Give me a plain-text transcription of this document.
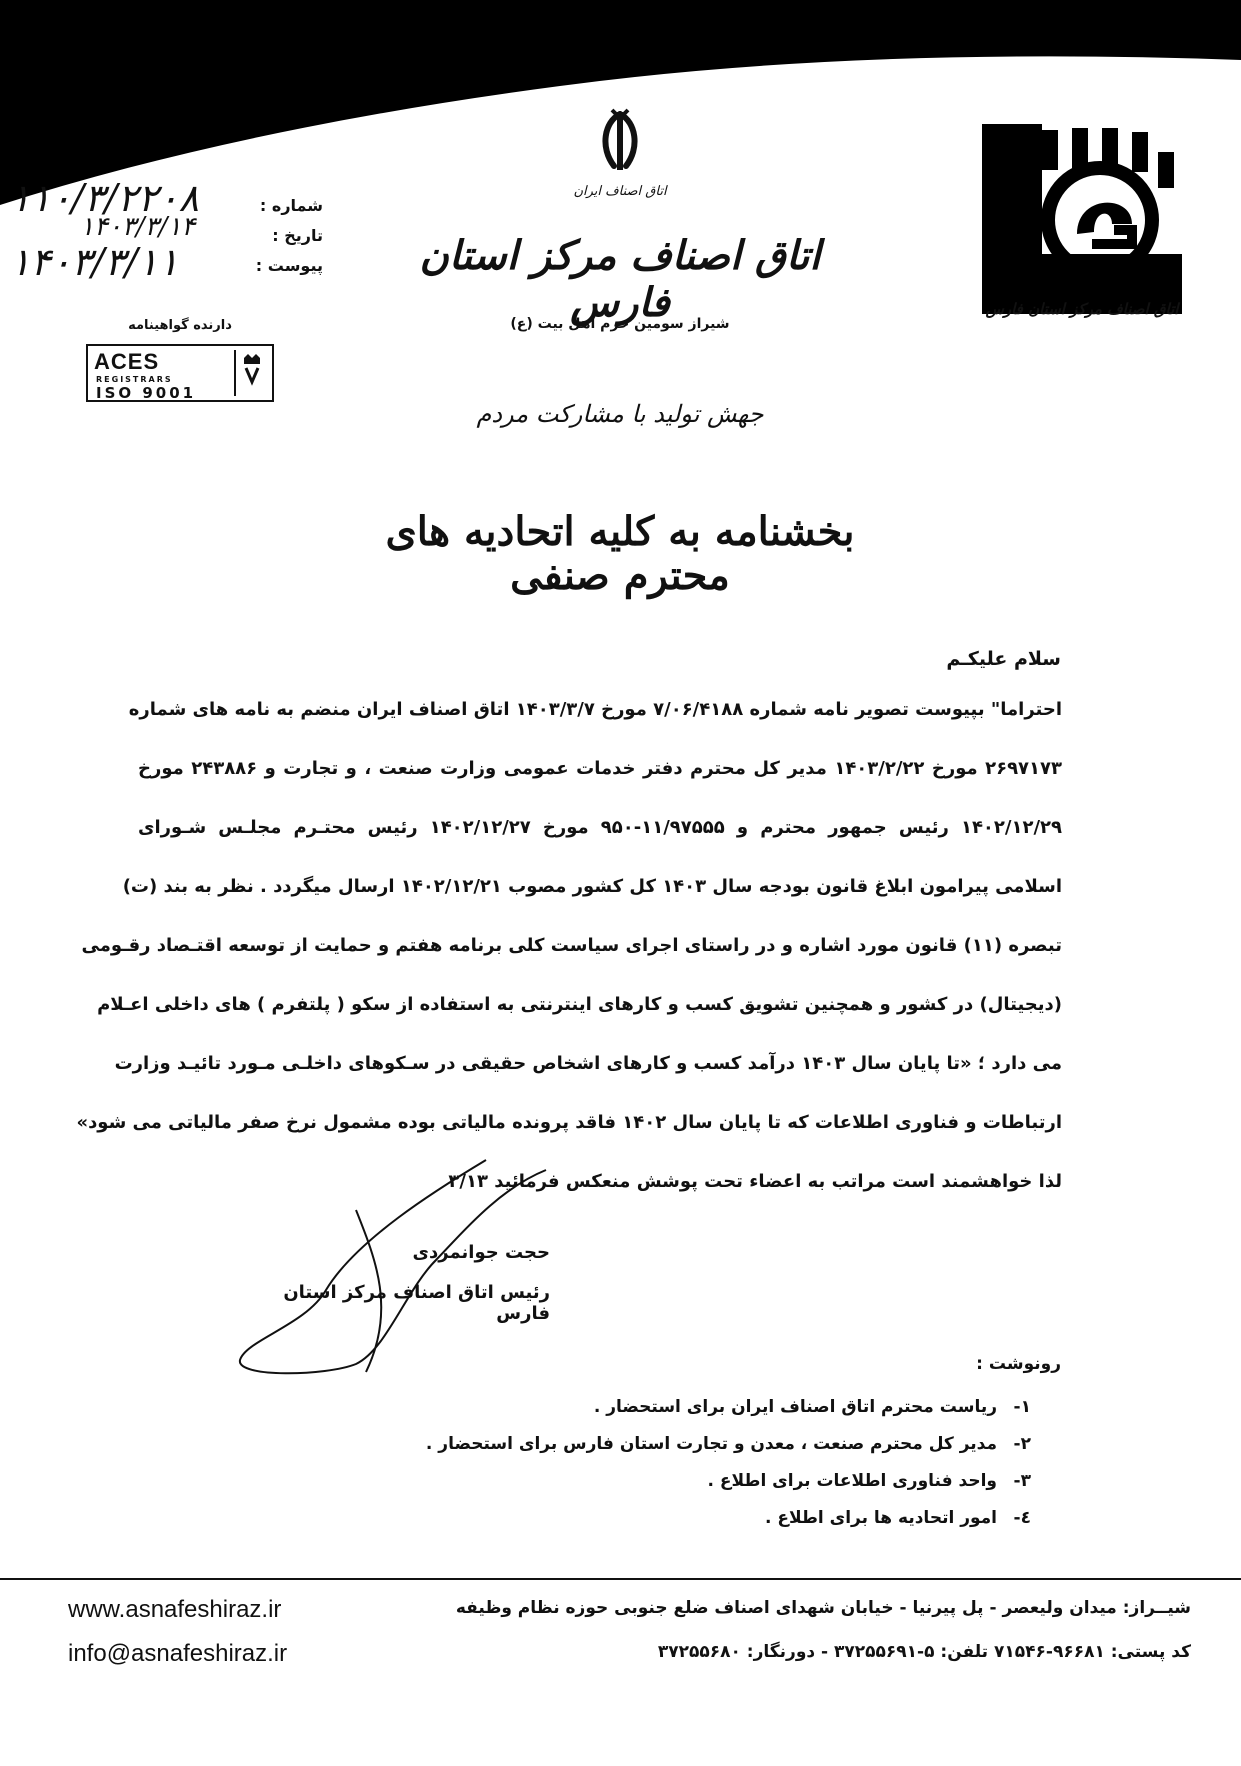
اتاق اصناف ایران
اتاق اصناف مرکز استان فارس
شیراز سومین حرم اهل بیت (ع)
جهش تولید با مشارکت مردم
اتاق اصناف مرکز استان فارس
شماره :
تاریخ :
پیوست :
۱۱۰/۳/۲۲۰۸
۱۴۰۳/۳/۱۴
۱۴۰۳/۳/۱۱
دارنده گواهینامه
ACES
REGISTRARS
ISO 9001
بخشنامه به کلیه اتحادیه های محترم صنفی
سلام علیکـم
احتراما" بپیوست تصویر نامه شماره ۷/۰۶/۴۱۸۸ مورخ ۱۴۰۳/۳/۷ اتاق اصناف ایران منضم به نامه های شماره
۲۶۹۷۱۷۳ مورخ ۱۴۰۳/۲/۲۲ مدیر کل محترم دفتر خدمات عمومی وزارت صنعت ، و تجارت و ۲۴۳۸۸۶ مورخ
۱۴۰۲/۱۲/۲۹ رئیس جمهور محترم و ۱۱/۹۷۵۵۵-۹۵۰ مورخ ۱۴۰۲/۱۲/۲۷ رئیس محتـرم مجلـس شـورای
اسلامی پیرامون ابلاغ قانون بودجه سال ۱۴۰۳ کل کشور مصوب ۱۴۰۲/۱۲/۲۱ ارسال میگردد . نظر به بند (ت)
تبصره (۱۱) قانون مورد اشاره و در راستای اجرای سیاست کلی برنامه هفتم و حمایت از توسعه اقتـصاد رقـومی
(دیجیتال) در کشور و همچنین تشویق کسب و کارهای اینترنتی به استفاده از سکو ( پلتفرم ) های داخلی اعـلام
می دارد ؛ «تا پایان سال ۱۴۰۳ درآمد کسب و کارهای اشخاص حقیقی در سـکوهای داخلـی مـورد تائیـد وزارت
ارتباطات و فناوری اطلاعات که تا پایان سال ۱۴۰۲ فاقد پرونده مالیاتی بوده مشمول نرخ صفر مالیاتی می شود»
لذا خواهشمند است مراتب به اعضاء تحت پوشش منعکس فرمائید ۳/۱۳
حجت جوانمردی
رئیس اتاق اصناف مرکز استان فارس
رونوشت :
۱-
ریاست محترم اتاق اصناف ایران برای استحضار .
۲-
مدیر کل محترم صنعت ، معدن و تجارت استان فارس برای استحضار .
۳-
واحد فناوری اطلاعات برای اطلاع .
٤-
امور اتحادیه ها برای اطلاع .
www.asnafeshiraz.ir
info@asnafeshiraz.ir
شیــراز: میدان ولیعصر - پل پیرنیا - خیابان شهدای اصناف ضلع جنوبی حوزه نظام وظیفه
کد پستی: ۹۶۶۸۱-۷۱۵۴۶ تلفن: ۵-۳۷۲۵۵۶۹۱ - دورنگار: ۳۷۲۵۵۶۸۰
